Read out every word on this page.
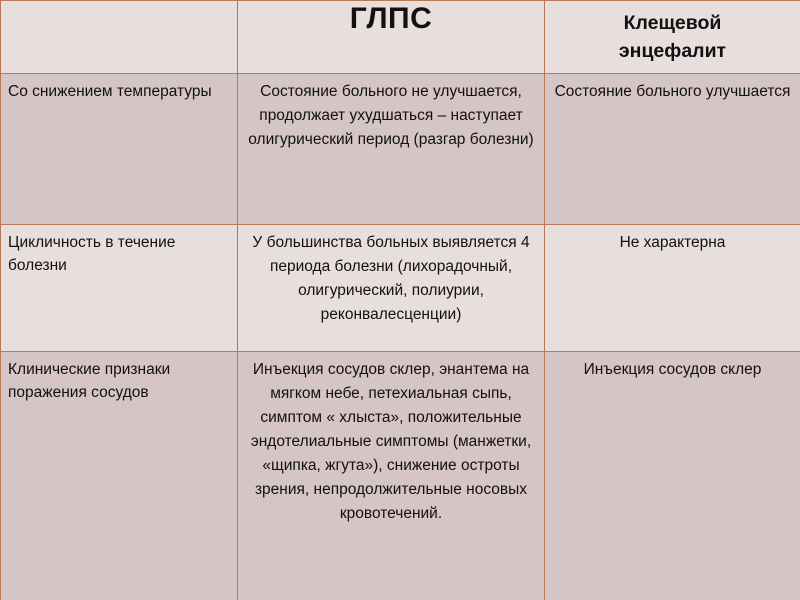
	ГЛПС	Клещевой энцефалит
Со снижением температуры	Состояние больного не улучшается, продолжает ухудшаться – наступает олигурический период (разгар болезни)	Состояние больного улучшается
Цикличность в течение болезни	У большинства больных выявляется 4 периода болезни (лихорадочный, олигурический, полиурии, реконвалесценции)	Не характерна
Клинические признаки поражения сосудов	Инъекция сосудов склер, энантема на мягком небе, петехиальная сыпь, симптом « хлыста», положительные эндотелиальные симптомы (манжетки, «щипка, жгута»), снижение остроты зрения, непродолжительные носовых кровотечений.	Инъекция сосудов склер
